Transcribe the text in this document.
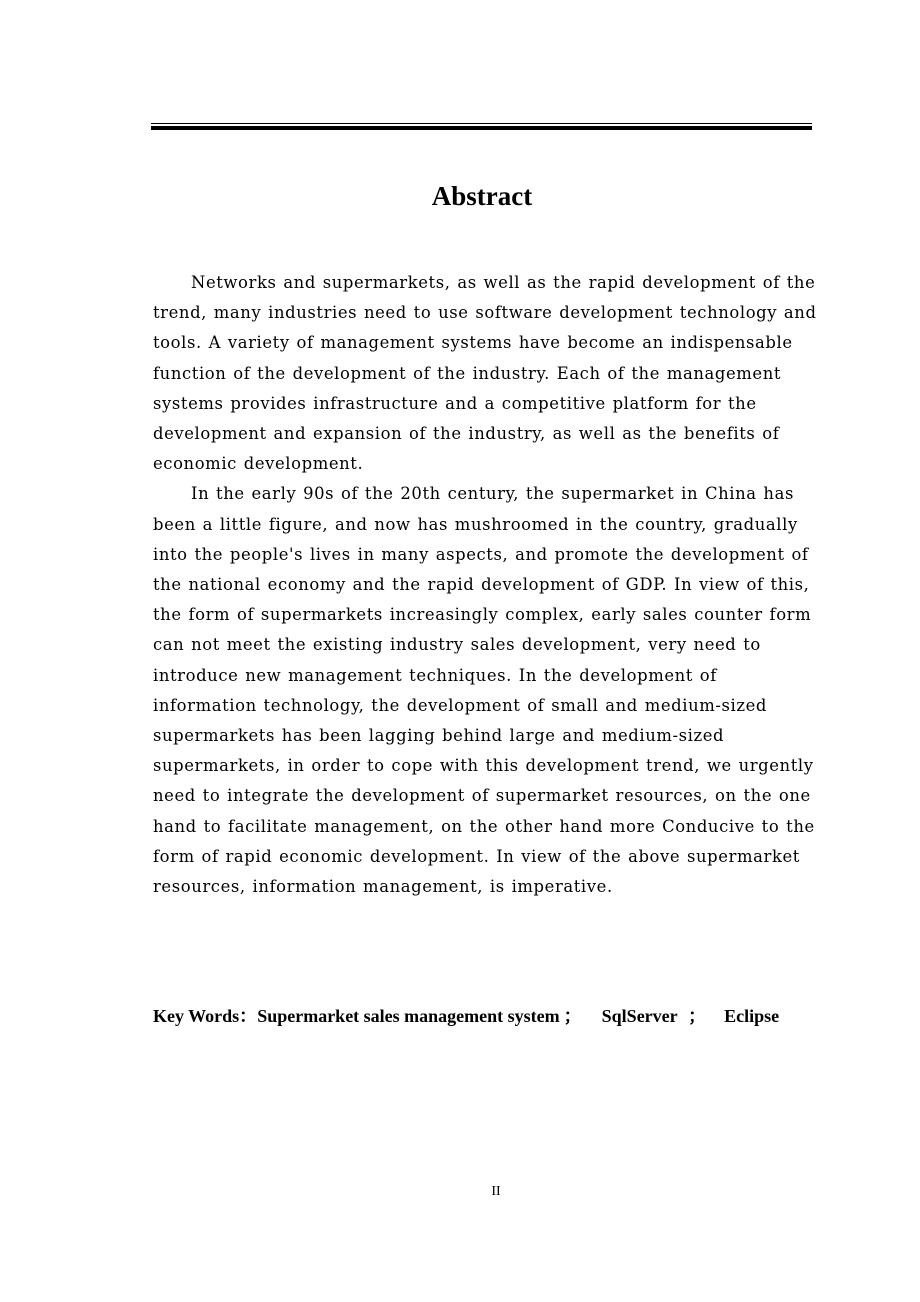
Abstract
Networks and supermarkets, as well as the rapid development of the
trend, many industries need to use software development technology and
tools. A variety of management systems have become an indispensable
function of the development of the industry. Each of the management
systems provides infrastructure and a competitive platform for the
development and expansion of the industry, as well as the benefits of
economic development.
In the early 90s of the 20th century, the supermarket in China has
been a little figure, and now has mushroomed in the country, gradually
into the people's lives in many aspects, and promote the development of
the national economy and the rapid development of GDP. In view of this,
the form of supermarkets increasingly complex, early sales counter form
can not meet the existing industry sales development, very need to
introduce new management techniques. In the development of
information technology, the development of small and medium-sized
supermarkets has been lagging behind large and medium-sized
supermarkets, in order to cope with this development trend, we urgently
need to integrate the development of supermarket resources, on the one
hand to facilitate management, on the other hand more Conducive to the
form of rapid economic development. In view of the above supermarket
resources, information management, is imperative.
Key Words：Supermarket sales management system ； SqlServer ； Eclipse
II
